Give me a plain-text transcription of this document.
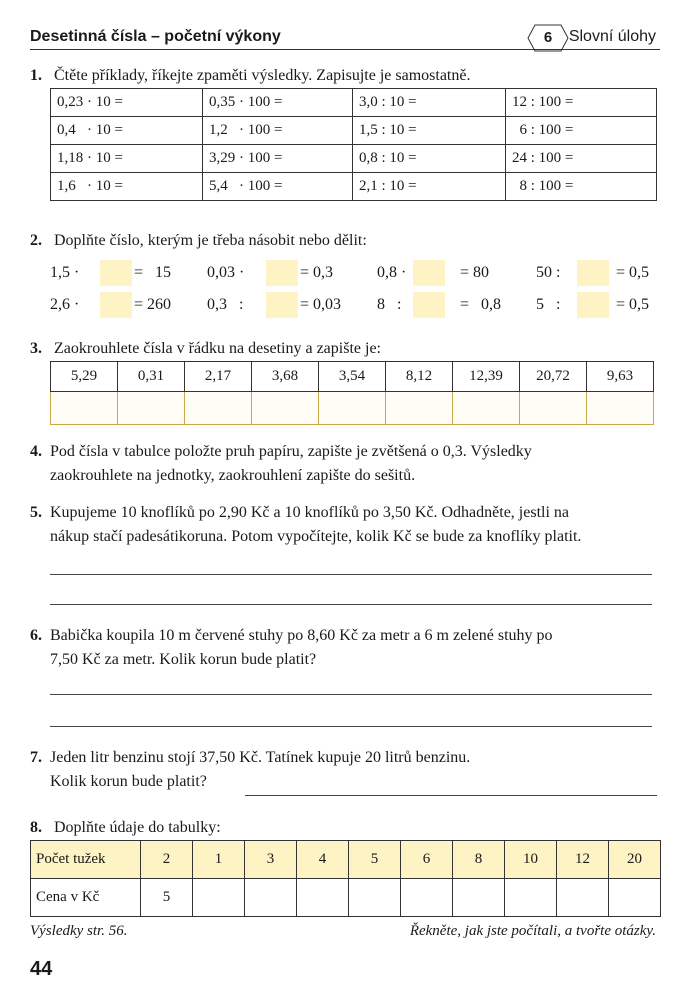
Desetinná čísla – početní výkony	6	Slovní úlohy
1. Čtěte příklady, říkejte zpaměti výsledky. Zapisujte je samostatně.
0,23 · 10 =	0,35 · 100 =	3,0 : 10 =	12 : 100 =
0,4   · 10 =	1,2   · 100 =	1,5 : 10 =	6 : 100 =
1,18 · 10 =	3,29 · 100 =	0,8 : 10 =	24 : 100 =
1,6   · 10 =	5,4   · 100 =	2,1 : 10 =	8 : 100 =
2. Doplňte číslo, kterým je třeba násobit nebo dělit:
1,5 ·	=   15 0,03 ·	= 0,3	0,8 ·	= 80	50 :	= 0,5
2,6 ·	= 260 0,3   :	= 0,03 8   :	=   0,8 5   :	= 0,5
3. Zaokrouhlete čísla v řádku na desetiny a zapište je:
5,29	0,31	2,17	3,68	3,54	8,12	12,39	20,72	9,63

4. Pod čísla v tabulce položte pruh papíru, zapište je zvětšená o 0,3. Výsledky
zaokrouhlete na jednotky, zaokrouhlení zapište do sešitů.
5. Kupujeme 10 knoflíků po 2,90 Kč a 10 knoflíků po 3,50 Kč. Odhadněte, jestli na
nákup stačí padesátikoruna. Potom vypočítejte, kolik Kč se bude za knoflíky platit.
6. Babička koupila 10 m červené stuhy po 8,60 Kč za metr a 6 m zelené stuhy po
7,50 Kč za metr. Kolik korun bude platit?
7. Jeden litr benzinu stojí 37,50 Kč. Tatínek kupuje 20 litrů benzinu.
Kolik korun bude platit?
8. Doplňte údaje do tabulky:
Počet tužek	2	1	3	4	5	6	8	10	12	20
Cena v Kč	5									
Výsledky str. 56.	Řekněte, jak jste počítali, a tvořte otázky.
44
